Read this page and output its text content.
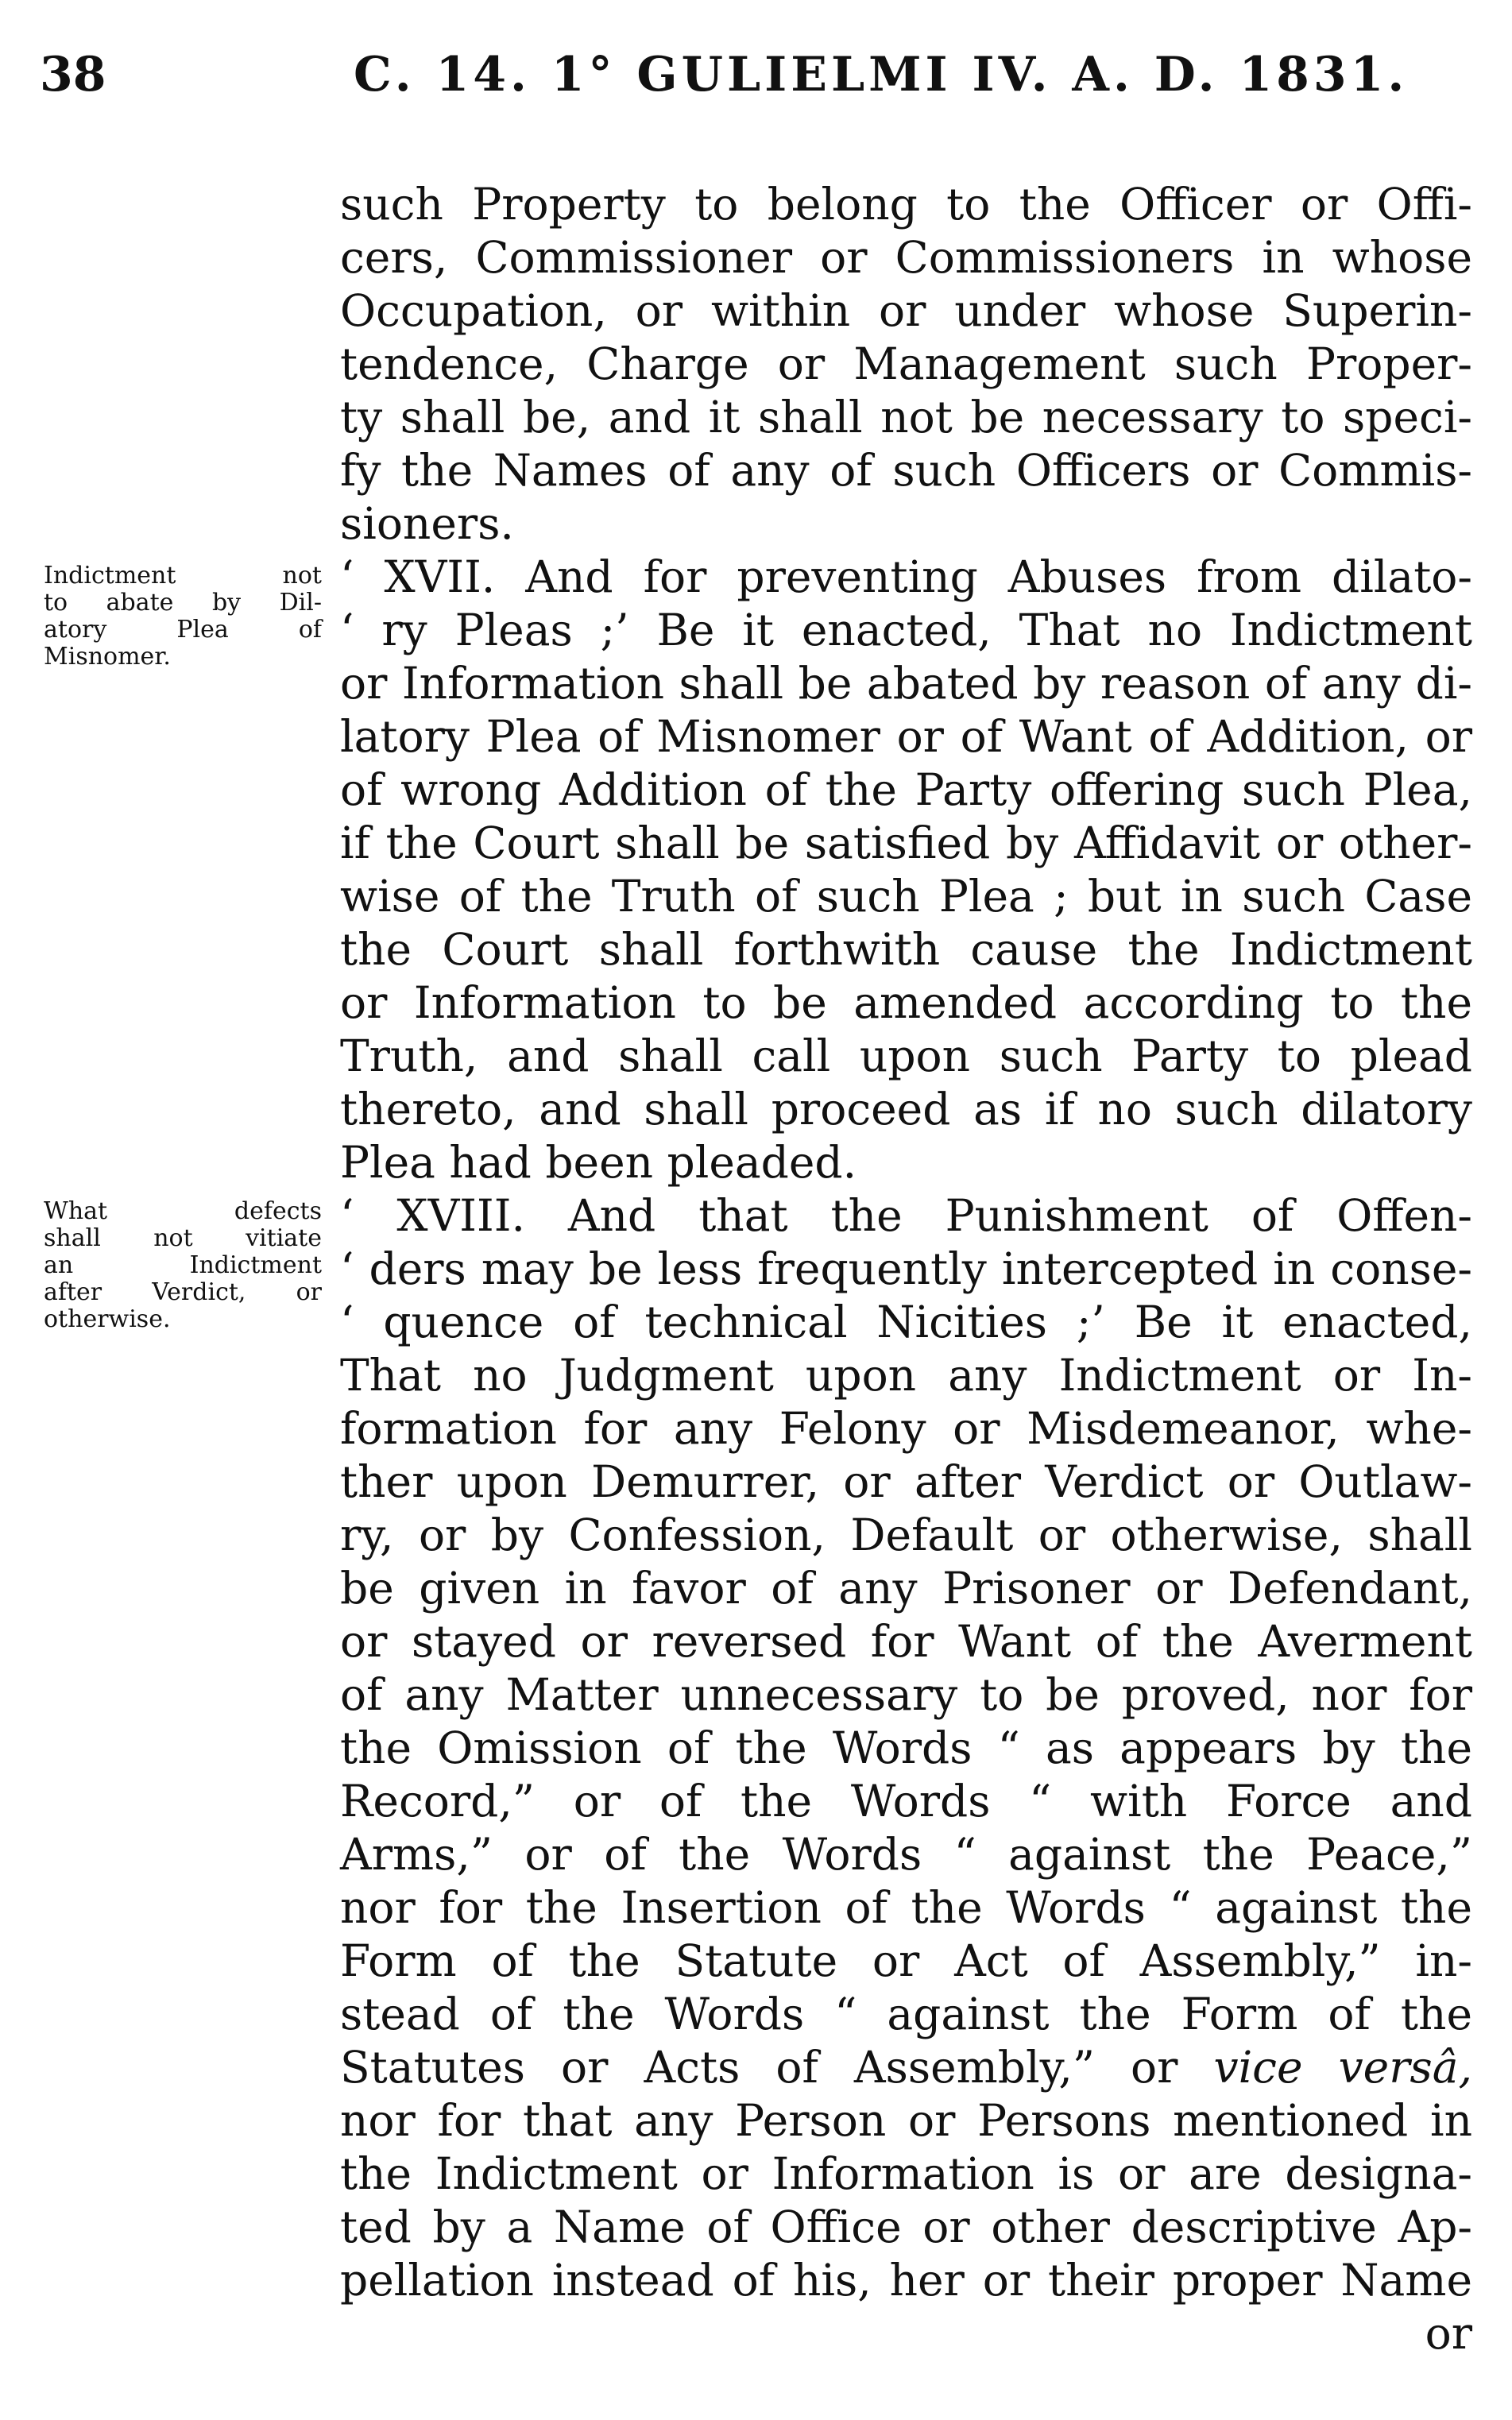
38	C. 14. 1° GULIELMI IV. A. D. 1831.
such Property to belong to the Officer or Offi-
cers, Commissioner or Commissioners in whose
Occupation, or within or under whose Superin-
tendence, Charge or Management such Proper-
ty shall be, and it shall not be necessary to speci-
fy the Names of any of such Officers or Commis-
sioners.
‘ XVII. And for preventing Abuses from dilato-
‘ ry Pleas ;’ Be it enacted, That no Indictment
or Information shall be abated by reason of any di-
latory Plea of Misnomer or of Want of Addition, or
of wrong Addition of the Party offering such Plea,
if the Court shall be satisfied by Affidavit or other-
wise of the Truth of such Plea ; but in such Case
the Court shall forthwith cause the Indictment
or Information to be amended according to the
Truth, and shall call upon such Party to plead
thereto, and shall proceed as if no such dilatory
Plea had been pleaded.
‘ XVIII. And that the Punishment of Offen-
‘ ders may be less frequently intercepted in conse-
‘ quence of technical Nicities ;’ Be it enacted,
That no Judgment upon any Indictment or In-
formation for any Felony or Misdemeanor, whe-
ther upon Demurrer, or after Verdict or Outlaw-
ry, or by Confession, Default or otherwise, shall
be given in favor of any Prisoner or Defendant,
or stayed or reversed for Want of the Averment
of any Matter unnecessary to be proved, nor for
the Omission of the Words “ as appears by the
Record,” or of the Words “ with Force and
Arms,” or of the Words “ against the Peace,”
nor for the Insertion of the Words “ against the
Form of the Statute or Act of Assembly,” in-
stead of the Words “ against the Form of the
Statutes or Acts of Assembly,” or vice versâ,
nor for that any Person or Persons mentioned in
the Indictment or Information is or are designa-
ted by a Name of Office or other descriptive Ap-
pellation instead of his, her or their proper Name
or
Indictment not
to abate by Dil-
atory Plea of
Misnomer.
What defects
shall not vitiate
an Indictment
after Verdict, or
otherwise.
